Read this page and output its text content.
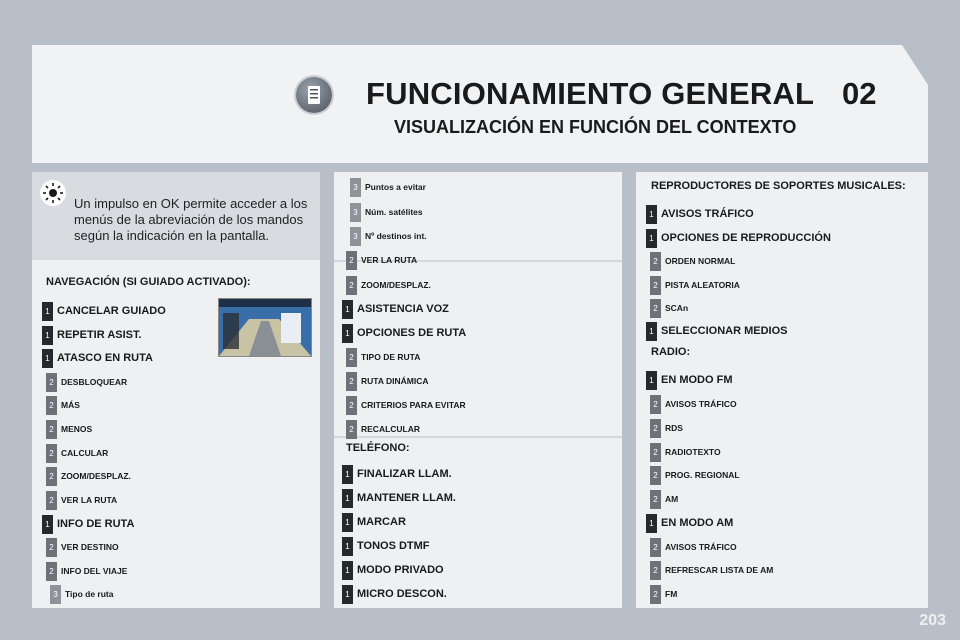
FUNCIONAMIENTO GENERAL 02
VISUALIZACIÓN EN FUNCIÓN DEL CONTEXTO
Un impulso en OK permite acceder a los menús de la abreviación de los mandos según la indicación en la pantalla.
NAVEGACIÓN (SI GUIADO ACTIVADO):
TELÉFONO:
REPRODUCTORES DE SOPORTES MUSICALES:
RADIO:
1 CANCELAR GUIADO
1 REPETIR ASIST.
1 ATASCO EN RUTA
2 DESBLOQUEAR
2 MÁS
2 MENOS
2 CALCULAR
2 ZOOM/DESPLAZ.
2 VER LA RUTA
1 INFO DE RUTA
2 VER DESTINO
2 INFO DEL VIAJE
3 Tipo de ruta
3 Puntos a evitar
3 Núm. satélites
3 Nº destinos int.
2 VER LA RUTA
2 ZOOM/DESPLAZ.
1 ASISTENCIA VOZ
1 OPCIONES DE RUTA
2 TIPO DE RUTA
2 RUTA DINÁMICA
2 CRITERIOS PARA EVITAR
2 RECALCULAR
1 FINALIZAR LLAM.
1 MANTENER LLAM.
1 MARCAR
1 TONOS DTMF
1 MODO PRIVADO
1 MICRO DESCON.
1 AVISOS TRÁFICO
1 OPCIONES DE REPRODUCCIÓN
2 ORDEN NORMAL
2 PISTA ALEATORIA
2 SCAn
1 SELECCIONAR MEDIOS
1 EN MODO FM
2 AVISOS TRÁFICO
2 RDS
2 RADIOTEXTO
2 PROG. REGIONAL
2 AM
1 EN MODO AM
2 AVISOS TRÁFICO
2 REFRESCAR LISTA DE AM
2 FM
203
